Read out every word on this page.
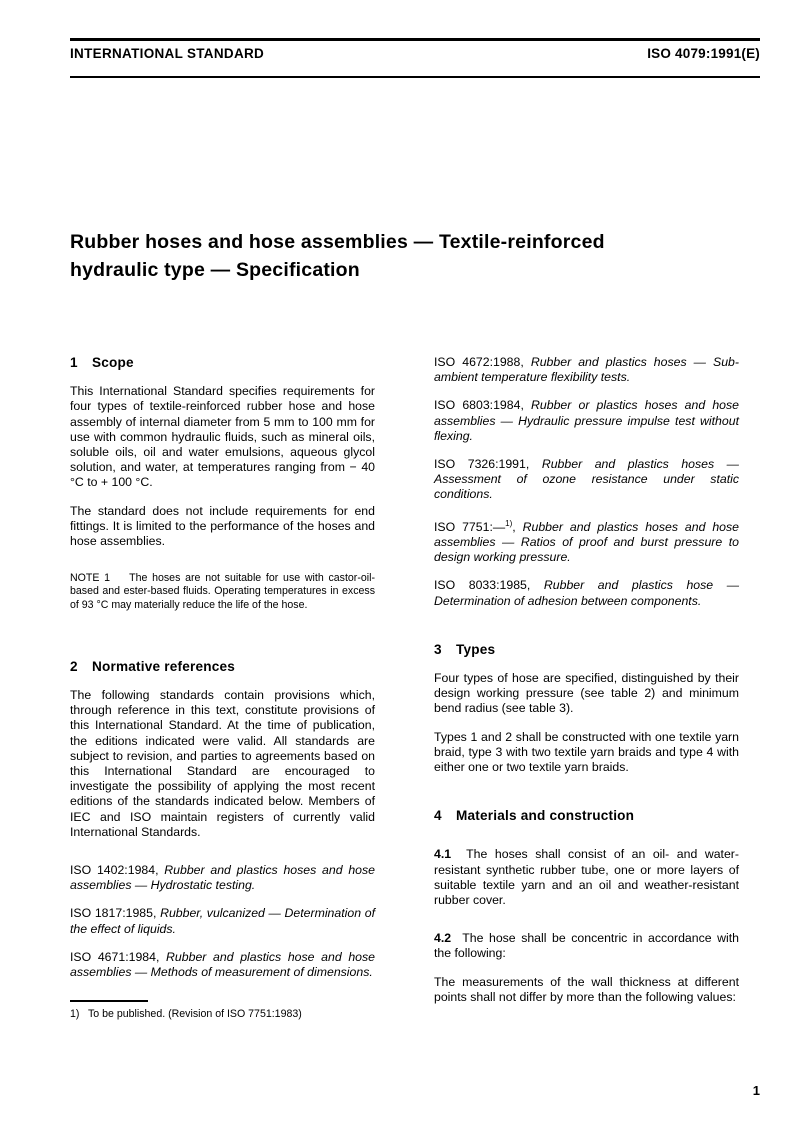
INTERNATIONAL STANDARD	ISO 4079:1991(E)
Rubber hoses and hose assemblies — Textile-reinforced
hydraulic type — Specification
1 Scope

This International Standard specifies requirements for four types of textile-reinforced rubber hose and hose assembly of internal diameter from 5 mm to 100 mm for use with common hydraulic fluids, such as mineral oils, soluble oils, oil and water emulsions, aqueous glycol solution, and water, at temperatures ranging from − 40 °C to + 100 °C.

The standard does not include requirements for end fittings. It is limited to the performance of the hoses and hose assemblies.

NOTE 1 The hoses are not suitable for use with castor-oil-based and ester-based fluids. Operating temperatures in excess of 93 °C may materially reduce the life of the hose.

2 Normative references

The following standards contain provisions which, through reference in this text, constitute provisions of this International Standard. At the time of publication, the editions indicated were valid. All standards are subject to revision, and parties to agreements based on this International Standard are encouraged to investigate the possibility of applying the most recent editions of the standards indicated below. Members of IEC and ISO maintain registers of currently valid International Standards.

ISO 1402:1984, Rubber and plastics hoses and hose assemblies — Hydrostatic testing.

ISO 1817:1985, Rubber, vulcanized — Determination of the effect of liquids.

ISO 4671:1984, Rubber and plastics hose and hose assemblies — Methods of measurement of dimensions.

ISO 4672:1988, Rubber and plastics hoses — Sub-ambient temperature flexibility tests.

ISO 6803:1984, Rubber or plastics hoses and hose assemblies — Hydraulic pressure impulse test without flexing.

ISO 7326:1991, Rubber and plastics hoses — Assessment of ozone resistance under static conditions.

ISO 7751:—$^{1)}$, Rubber and plastics hoses and hose assemblies — Ratios of proof and burst pressure to design working pressure.

ISO 8033:1985, Rubber and plastics hose — Determination of adhesion between components.

3 Types

Four types of hose are specified, distinguished by their design working pressure (see table 2) and minimum bend radius (see table 3).

Types 1 and 2 shall be constructed with one textile yarn braid, type 3 with two textile yarn braids and type 4 with either one or two textile yarn braids.

4 Materials and construction

4.1 The hoses shall consist of an oil- and water-resistant synthetic rubber tube, one or more layers of suitable textile yarn and an oil and weather-resistant rubber cover.

4.2 The hose shall be concentric in accordance with the following:

The measurements of the wall thickness at different points shall not differ by more than the following values:

1) To be published. (Revision of ISO 7751:1983)
1
